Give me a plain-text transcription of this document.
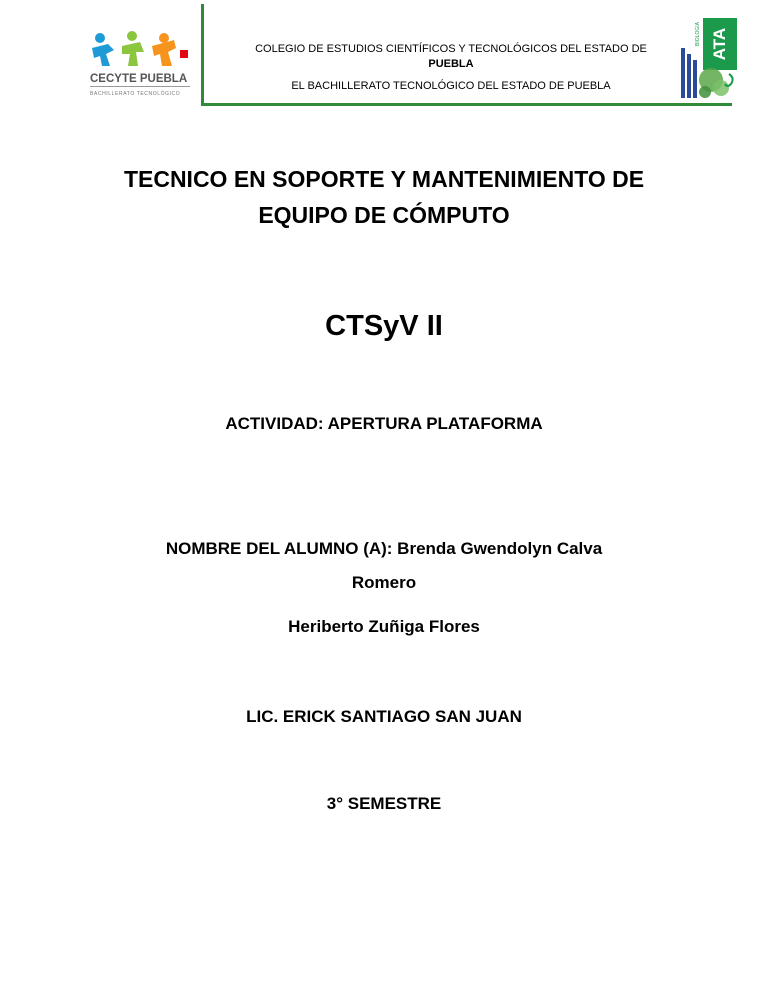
CECYTE PUEBLA
BACHILLERATO TECNOLÓGICO
COLEGIO DE ESTUDIOS CIENTÍFICOS Y TECNOLÓGICOS DEL ESTADO DE
PUEBLA
EL BACHILLERATO TECNOLÓGICO DEL ESTADO DE PUEBLA
ATA
BIOLOGÍA
TECNICO EN SOPORTE Y MANTENIMIENTO DE
EQUIPO DE CÓMPUTO
CTSyV II
ACTIVIDAD: APERTURA PLATAFORMA
NOMBRE DEL ALUMNO (A): Brenda Gwendolyn Calva
Romero
Heriberto Zuñiga Flores
LIC. ERICK SANTIAGO SAN JUAN
3° SEMESTRE
